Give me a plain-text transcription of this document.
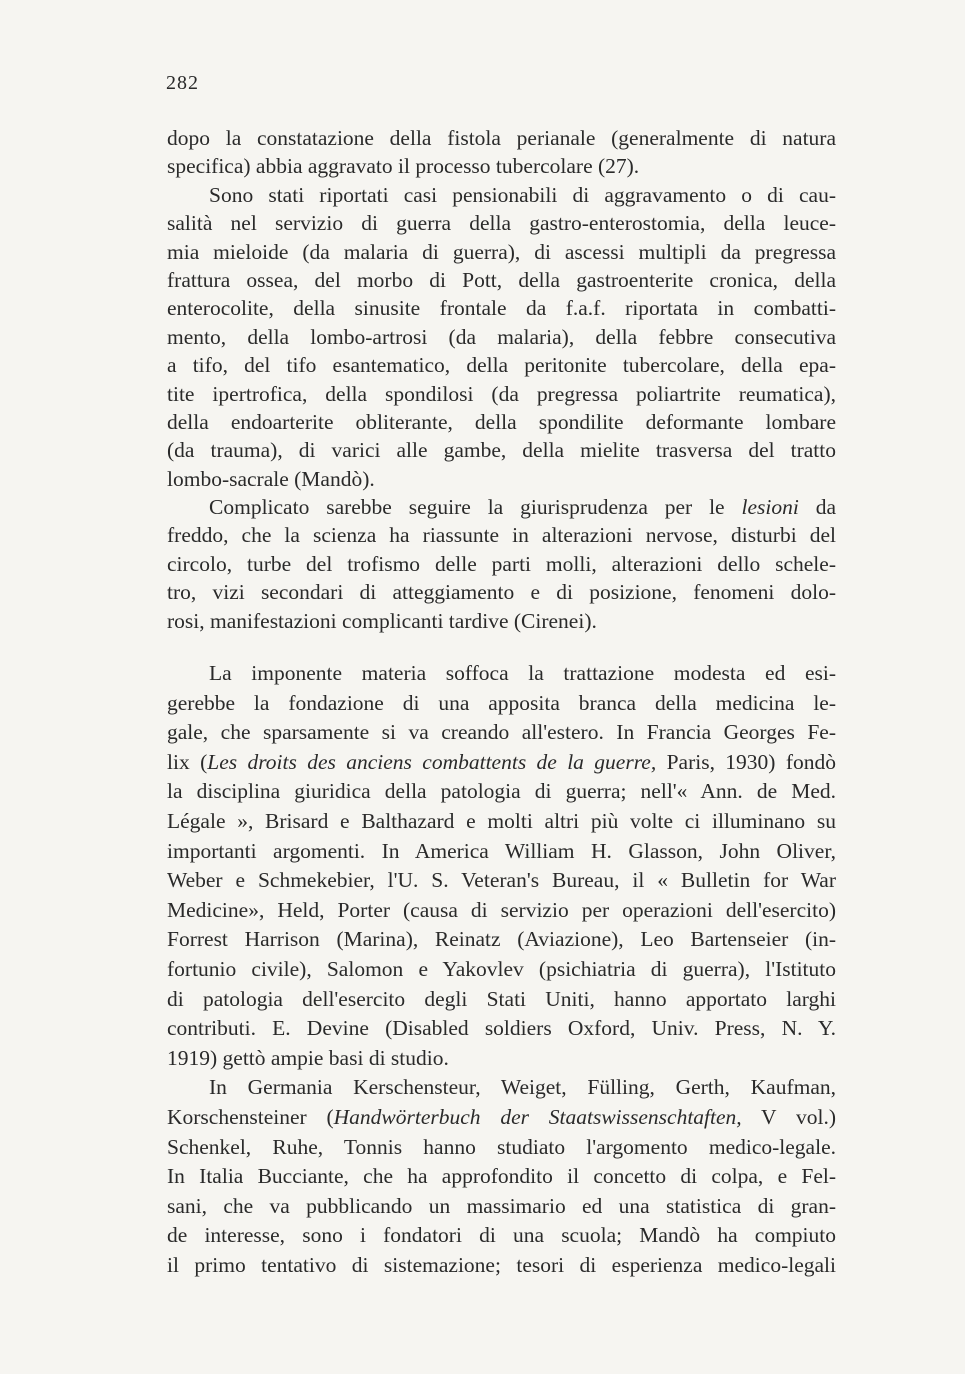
282
dopo la constatazione della fistola perianale (generalmente di natura
specifica) abbia aggravato il processo tubercolare (27).
Sono stati riportati casi pensionabili di aggravamento o di cau-
salità nel servizio di guerra della gastro-enterostomia, della leuce-
mia mieloide (da malaria di guerra), di ascessi multipli da pregressa
frattura ossea, del morbo di Pott, della gastroenterite cronica, della
enterocolite, della sinusite frontale da f.a.f. riportata in combatti-
mento, della lombo-artrosi (da malaria), della febbre consecutiva
a tifo, del tifo esantematico, della peritonite tubercolare, della epa-
tite ipertrofica, della spondilosi (da pregressa poliartrite reumatica),
della endoarterite obliterante, della spondilite deformante lombare
(da trauma), di varici alle gambe, della mielite trasversa del tratto
lombo-sacrale (Mandò).
Complicato sarebbe seguire la giurisprudenza per le lesioni da
freddo, che la scienza ha riassunte in alterazioni nervose, disturbi del
circolo, turbe del trofismo delle parti molli, alterazioni dello schele-
tro, vizi secondari di atteggiamento e di posizione, fenomeni dolo-
rosi, manifestazioni complicanti tardive (Cirenei).
La imponente materia soffoca la trattazione modesta ed esi-
gerebbe la fondazione di una apposita branca della medicina le-
gale, che sparsamente si va creando all'estero. In Francia Georges Fe-
lix (Les droits des anciens combattents de la guerre, Paris, 1930) fondò
la disciplina giuridica della patologia di guerra; nell'« Ann. de Med.
Légale », Brisard e Balthazard e molti altri più volte ci illuminano su
importanti argomenti. In America William H. Glasson, John Oliver,
Weber e Schmekebier, l'U. S. Veteran's Bureau, il « Bulletin for War
Medicine», Held, Porter (causa di servizio per operazioni dell'esercito)
Forrest Harrison (Marina), Reinatz (Aviazione), Leo Bartenseier (in-
fortunio civile), Salomon e Yakovlev (psichiatria di guerra), l'Istituto
di patologia dell'esercito degli Stati Uniti, hanno apportato larghi
contributi. E. Devine (Disabled soldiers Oxford, Univ. Press, N. Y.
1919) gettò ampie basi di studio.
In Germania Kerschensteur, Weiget, Fülling, Gerth, Kaufman,
Korschensteiner (Handwörterbuch der Staatswissenschtaften, V vol.)
Schenkel, Ruhe, Tonnis hanno studiato l'argomento medico-legale.
In Italia Bucciante, che ha approfondito il concetto di colpa, e Fel-
sani, che va pubblicando un massimario ed una statistica di gran-
de interesse, sono i fondatori di una scuola; Mandò ha compiuto
il primo tentativo di sistemazione; tesori di esperienza medico-legali
